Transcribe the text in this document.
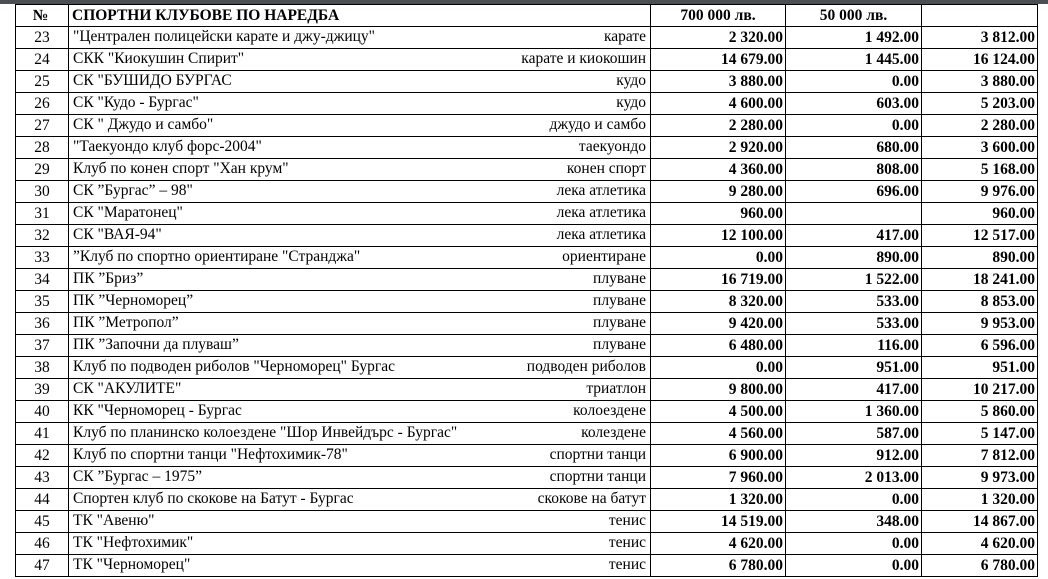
№	СПОРТНИ КЛУБОВЕ ПО НАРЕДБА	700 000 лв.	50 000 лв.	
23	"Централен полицейски карате и джу-джицу" карате	2 320.00	1 492.00	3 812.00
24	СКК "Киокушин Спирит" карате и киокошин	14 679.00	1 445.00	16 124.00
25	СК "БУШИДО БУРГАС кудо	3 880.00	0.00	3 880.00
26	СК "Кудо - Бургас" кудо	4 600.00	603.00	5 203.00
27	СК " Джудо и самбо" джудо и самбо	2 280.00	0.00	2 280.00
28	"Таекуондо клуб форс-2004" таекуондо	2 920.00	680.00	3 600.00
29	Клуб по конен спорт "Хан крум" конен спорт	4 360.00	808.00	5 168.00
30	СК ”Бургас” – 98" лека атлетика	9 280.00	696.00	9 976.00
31	СК "Маратонец" лека атлетика	960.00		960.00
32	СК "ВАЯ-94" лека атлетика	12 100.00	417.00	12 517.00
33	”Клуб по спортно ориентиране "Странджа" ориентиране	0.00	890.00	890.00
34	ПК ”Бриз” плуване	16 719.00	1 522.00	18 241.00
35	ПК ”Черноморец” плуване	8 320.00	533.00	8 853.00
36	ПК ”Метропол” плуване	9 420.00	533.00	9 953.00
37	ПК ”Започни да плуваш” плуване	6 480.00	116.00	6 596.00
38	Клуб по подводен риболов "Черноморец" Бургас подводен риболов	0.00	951.00	951.00
39	СК "АКУЛИТЕ" триатлон	9 800.00	417.00	10 217.00
40	КК "Черноморец - Бургас колоездене	4 500.00	1 360.00	5 860.00
41	Клуб по планинско колоездене "Шор Инвейдърс - Бургас" колездене	4 560.00	587.00	5 147.00
42	Клуб по спортни танци "Нефтохимик-78" спортни танци	6 900.00	912.00	7 812.00
43	СК ”Бургас – 1975” спортни танци	7 960.00	2 013.00	9 973.00
44	Спортен клуб по скокове на Батут - Бургас скокове на батут	1 320.00	0.00	1 320.00
45	ТК "Авеню" тенис	14 519.00	348.00	14 867.00
46	ТК "Нефтохимик" тенис	4 620.00	0.00	4 620.00
47	ТК "Черноморец" тенис	6 780.00	0.00	6 780.00
